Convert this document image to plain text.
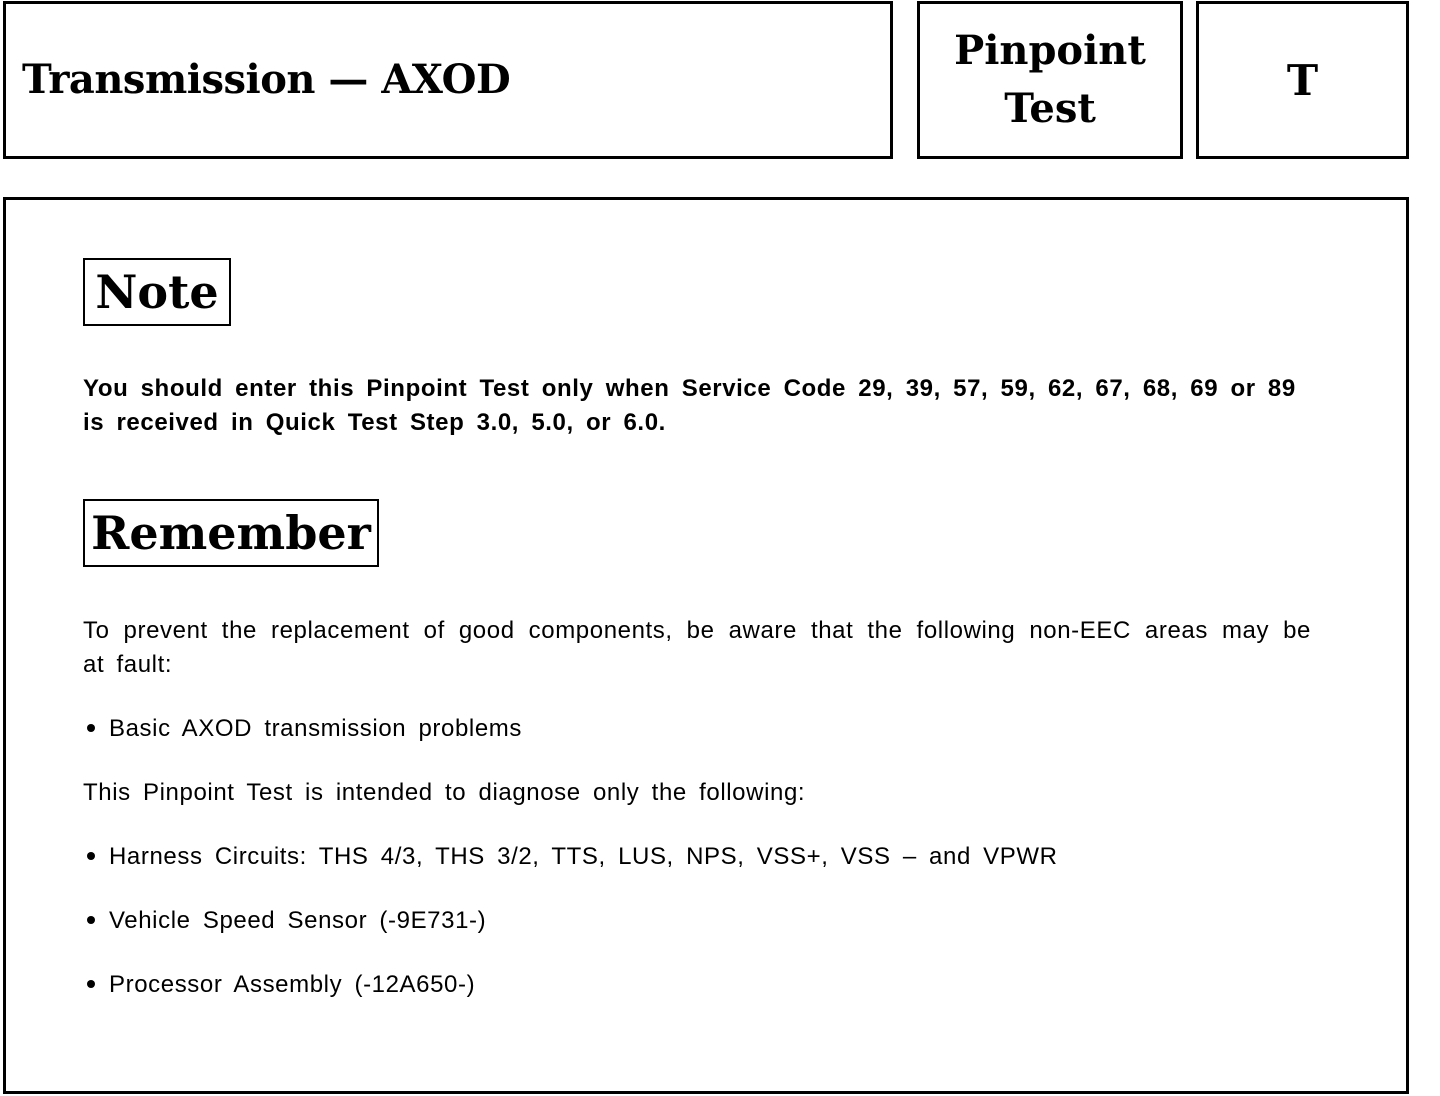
Transmission — AXOD
Pinpoint
Test
T
Note
You should enter this Pinpoint Test only when Service Code 29, 39, 57, 59, 62, 67, 68, 69 or 89 is received in Quick Test Step 3.0, 5.0, or 6.0.
Remember
To prevent the replacement of good components, be aware that the following non-EEC areas may be at fault:
Basic AXOD transmission problems
This Pinpoint Test is intended to diagnose only the following:
Harness Circuits: THS 4/3, THS 3/2, TTS, LUS, NPS, VSS+, VSS – and VPWR
Vehicle Speed Sensor (-9E731-)
Processor Assembly (-12A650-)
